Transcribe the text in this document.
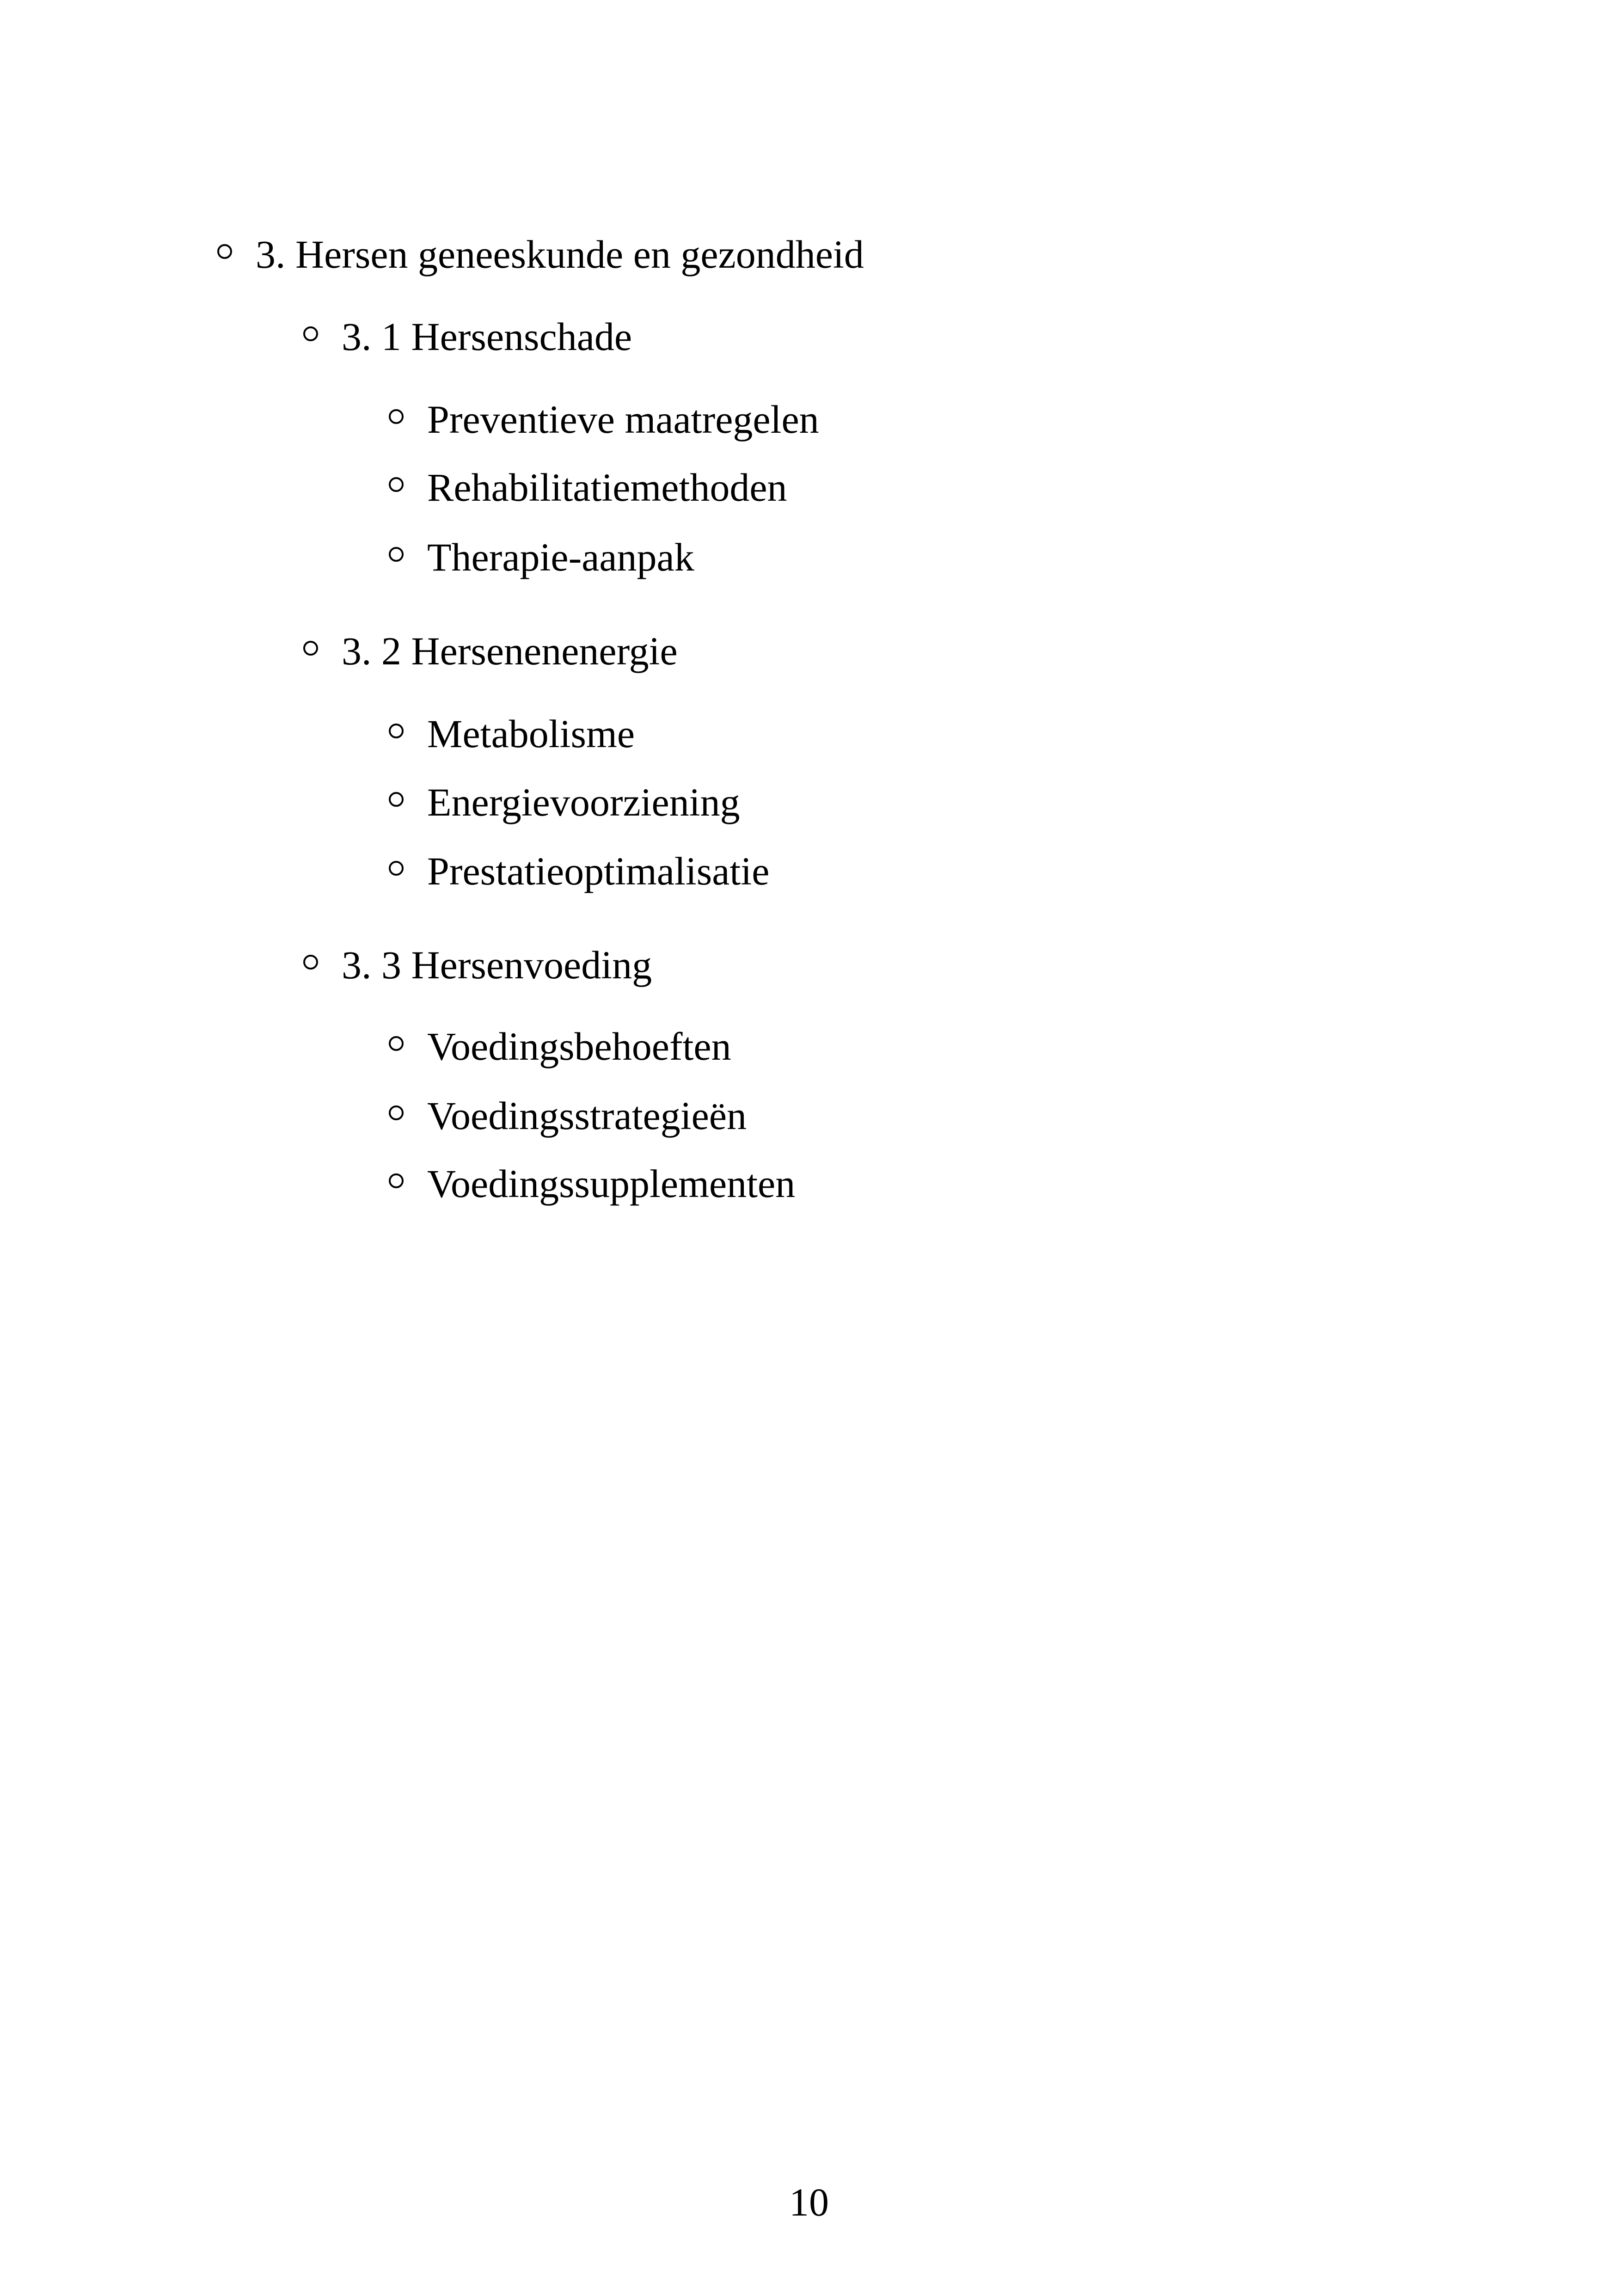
3. Hersen geneeskunde en gezondheid
3. 1 Hersenschade
Preventieve maatregelen
Rehabilitatiemethoden
Therapie-aanpak
3. 2 Hersenenenergie
Metabolisme
Energievoorziening
Prestatieoptimalisatie
3. 3 Hersenvoeding
Voedingsbehoeften
Voedingsstrategieën
Voedingssupplementen
10
